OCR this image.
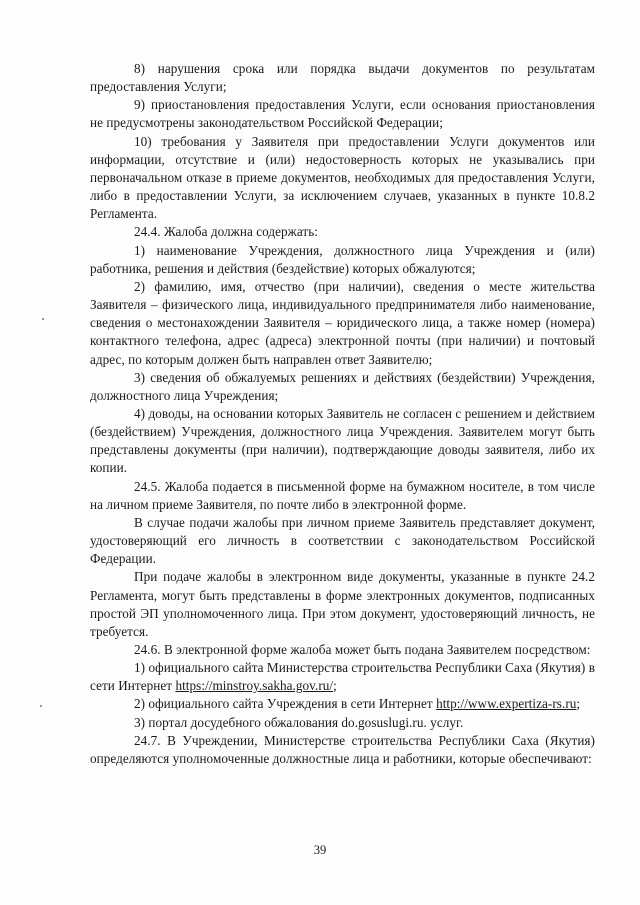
8) нарушения срока или порядка выдачи документов по результатам предоставления Услуги;

9) приостановления предоставления Услуги, если основания приостановления не предусмотрены законодательством Российской Федерации;

10) требования у Заявителя при предоставлении Услуги документов или информации, отсутствие и (или) недостоверность которых не указывались при первоначальном отказе в приеме документов, необходимых для предоставления Услуги, либо в предоставлении Услуги, за исключением случаев, указанных в пункте 10.8.2 Регламента.

24.4. Жалоба должна содержать:

1) наименование Учреждения, должностного лица Учреждения и (или) работника, решения и действия (бездействие) которых обжалуются;

2) фамилию, имя, отчество (при наличии), сведения о месте жительства Заявителя – физического лица, индивидуального предпринимателя либо наименование, сведения о местонахождении Заявителя – юридического лица, а также номер (номера) контактного телефона, адрес (адреса) электронной почты (при наличии) и почтовый адрес, по которым должен быть направлен ответ Заявителю;

3) сведения об обжалуемых решениях и действиях (бездействии) Учреждения, должностного лица Учреждения;

4) доводы, на основании которых Заявитель не согласен с решением и действием (бездействием) Учреждения, должностного лица Учреждения. Заявителем могут быть представлены документы (при наличии), подтверждающие доводы заявителя, либо их копии.

24.5. Жалоба подается в письменной форме на бумажном носителе, в том числе на личном приеме Заявителя, по почте либо в электронной форме.

В случае подачи жалобы при личном приеме Заявитель представляет документ, удостоверяющий его личность в соответствии с законодательством Российской Федерации.

При подаче жалобы в электронном виде документы, указанные в пункте 24.2 Регламента, могут быть представлены в форме электронных документов, подписанных простой ЭП уполномоченного лица. При этом документ, удостоверяющий личность, не требуется.

24.6. В электронной форме жалоба может быть подана Заявителем посредством:

1) официального сайта Министерства строительства Республики Саха (Якутия) в сети Интернет https://minstroy.sakha.gov.ru/;

2) официального сайта Учреждения в сети Интернет http://www.expertiza-rs.ru;

3) портал досудебного обжалования do.gosuslugi.ru. услуг.

24.7. В Учреждении, Министерстве строительства Республики Саха (Якутия) определяются уполномоченные должностные лица и работники, которые обеспечивают:

39
